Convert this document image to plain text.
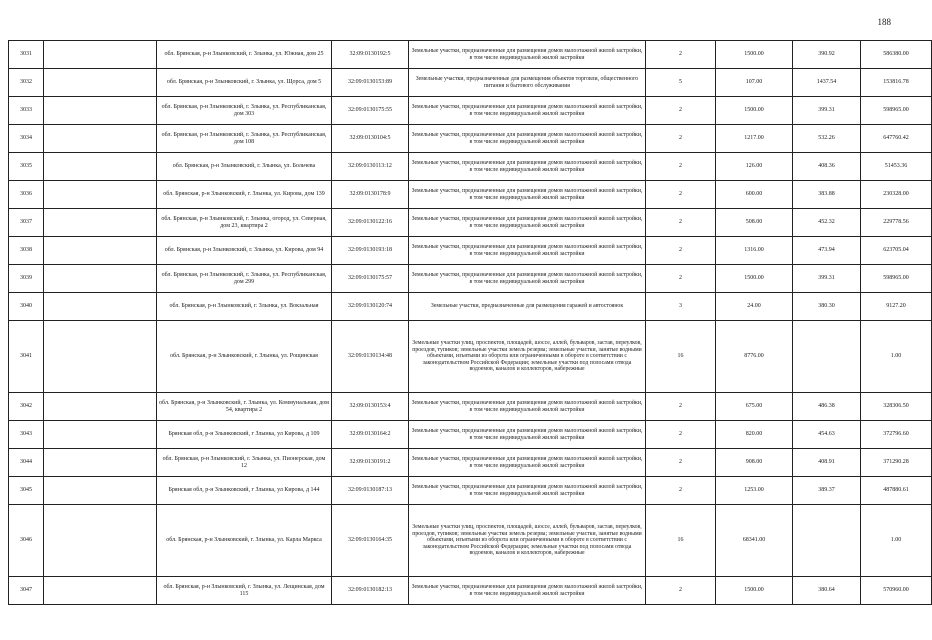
188
3031		обл. Брянская, р-н Злынковский, г. Злынка, ул. Южная, дом 25	32:09:0130192:5	Земельные участки, предназначенные для размещения домов малоэтажной жилой застройки, в том числе индивидуальной жилой застройки	2	1500.00	390.92	586380.00
3032		обл. Брянская, р-н Злынковский, г. Злынка, ул. Щорса, дом 5	32:09:0130153:89	Земельные участки, предназначенные для размещения объектов торговли, общественного питания и бытового обслуживания	5	107.00	1437.54	153816.78
3033		обл. Брянская, р-н Злынковский, г. Злынка, ул. Республиканская, дом 303	32:09:0130175:55	Земельные участки, предназначенные для размещения домов малоэтажной жилой застройки, в том числе индивидуальной жилой застройки	2	1500.00	399.31	598965.00
3034		обл. Брянская, р-н Злынковский, г. Злынка, ул. Республиканская, дом 108	32:09:0130104:5	Земельные участки, предназначенные для размещения домов малоэтажной жилой застройки, в том числе индивидуальной жилой застройки	2	1217.00	532.26	647760.42
3035		обл. Брянская, р-н Злынковский, г. Злынка, ул. Больчева	32:09:0130113:12	Земельные участки, предназначенные для размещения домов малоэтажной жилой застройки, в том числе индивидуальной жилой застройки	2	126.00	408.36	51453.36
3036		обл. Брянская, р-н Злынковский, г. Злынка, ул. Кирова, дом 139	32:09:0130178:9	Земельные участки, предназначенные для размещения домов малоэтажной жилой застройки, в том числе индивидуальной жилой застройки	2	600.00	383.88	230328.00
3037		обл. Брянская, р-н Злынковский, г. Злынка, огород, ул. Северная, дом 23, квартира 2	32:09:0130122:16	Земельные участки, предназначенные для размещения домов малоэтажной жилой застройки, в том числе индивидуальной жилой застройки	2	508.00	452.32	229778.56
3038		обл. Брянская, р-н Злынковский, г. Злынка, ул. Кирова, дом 94	32:09:0130193:18	Земельные участки, предназначенные для размещения домов малоэтажной жилой застройки, в том числе индивидуальной жилой застройки	2	1316.00	473.94	623705.04
3039		обл. Брянская, р-н Злынковский, г. Злынка, ул. Республиканская, дом 299	32:09:0130175:57	Земельные участки, предназначенные для размещения домов малоэтажной жилой застройки, в том числе индивидуальной жилой застройки	2	1500.00	399.31	598965.00
3040		обл. Брянская, р-н Злынковский, г. Злынка, ул. Вокзальная	32:09:0130120:74	Земельные участки, предназначенные для размещения гаражей и автостоянок	3	24.00	380.30	9127.20
3041		обл. Брянская, р-н Злынковский, г. Злынка, ул. Рощинская	32:09:0130134:48	Земельные участки улиц, проспектов, площадей, шоссе, аллей, бульваров, застав, переулков, проездов, тупиков; земельные участки земель резерва; земельные участки, занятые водными объектами, изъятыми из оборота или ограниченными в обороте в соответствии с законодательством Российской Федерации; земельные участки под полосами отвода водоемов, каналов и коллекторов, набережные	16	8776.00		1.00
3042		обл. Брянская, р-н Злынковский, г. Злынка, ул. Коммунальная, дом 54, квартира 2	32:09:0130153:4	Земельные участки, предназначенные для размещения домов малоэтажной жилой застройки, в том числе индивидуальной жилой застройки	2	675.00	486.38	328306.50
3043		Брянская обл, р-н Злынковский, г Злынка, ул Кирова, д 109	32:09:0130164:2	Земельные участки, предназначенные для размещения домов малоэтажной жилой застройки, в том числе индивидуальной жилой застройки	2	820.00	454.63	372796.60
3044		обл. Брянская, р-н Злынковский, г. Злынка, ул. Пионерская, дом 12	32:09:0130191:2	Земельные участки, предназначенные для размещения домов малоэтажной жилой застройки, в том числе индивидуальной жилой застройки	2	908.00	408.91	371290.28
3045		Брянская обл, р-н Злынковский, г Злынка, ул Кирова, д 144	32:09:0130187:13	Земельные участки, предназначенные для размещения домов малоэтажной жилой застройки, в том числе индивидуальной жилой застройки	2	1253.00	389.37	487880.61
3046		обл. Брянская, р-н Злынковский, г. Злынка, ул. Карла Маркса	32:09:0130164:35	Земельные участки улиц, проспектов, площадей, шоссе, аллей, бульваров, застав, переулков, проездов, тупиков; земельные участки земель резерва; земельные участки, занятые водными объектами, изъятыми из оборота или ограниченными в обороте в соответствии с законодательством Российской Федерации; земельные участки под полосами отвода водоемов, каналов и коллекторов, набережные	16	68341.00		1.00
3047		обл. Брянская, р-н Злынковский, г. Злынка, ул. Лещинская, дом 115	32:09:0130182:13	Земельные участки, предназначенные для размещения домов малоэтажной жилой застройки, в том числе индивидуальной жилой застройки	2	1500.00	380.64	570960.00
